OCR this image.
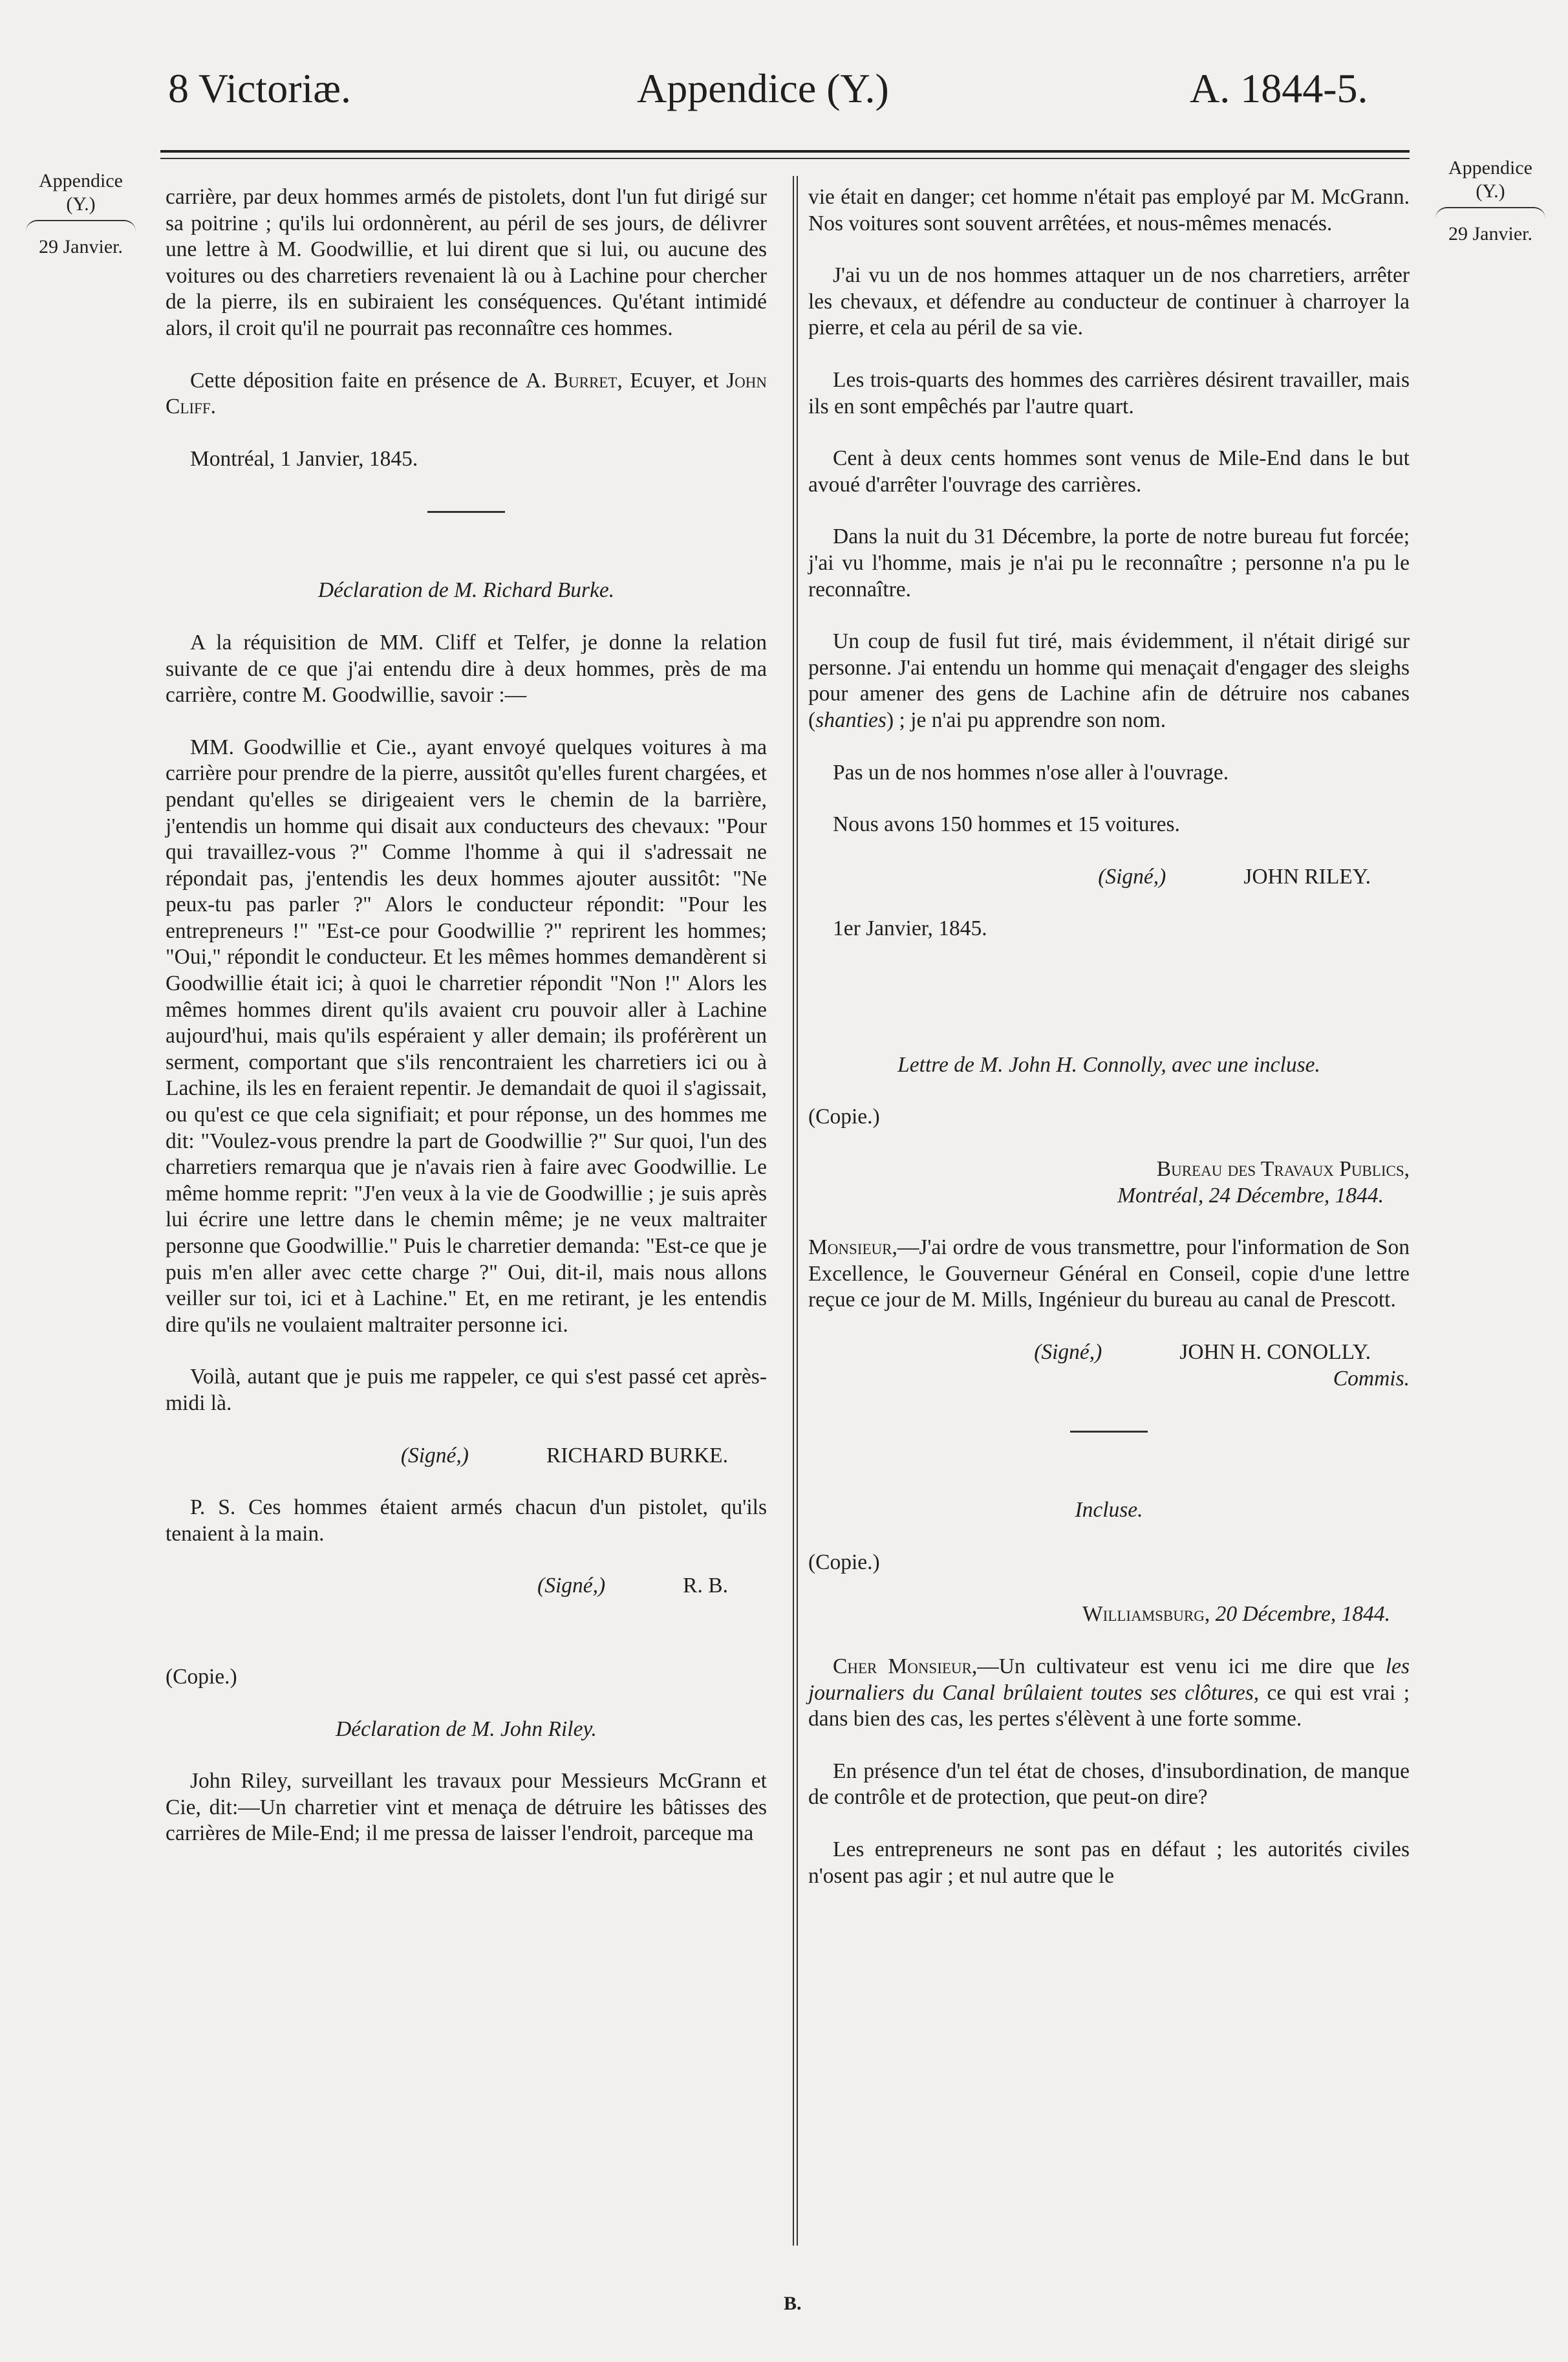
8 Victoriæ.	Appendice (Y.)	A. 1844-5.
Appendice
(Y.)
29 Janvier.
Appendice
(Y.)
29 Janvier.

carrière, par deux hommes armés de pistolets, dont l'un fut dirigé sur sa poitrine ; qu'ils lui ordonnèrent, au péril de ses jours, de délivrer une lettre à M. Goodwillie, et lui dirent que si lui, ou aucune des voitures ou des charretiers revenaient là ou à Lachine pour chercher de la pierre, ils en subiraient les conséquences. Qu'étant intimidé alors, il croit qu'il ne pourrait pas reconnaître ces hommes.

Cette déposition faite en présence de A. Burret, Ecuyer, et John Cliff.

Montréal, 1 Janvier, 1845.

Déclaration de M. Richard Burke.

A la réquisition de MM. Cliff et Telfer, je donne la relation suivante de ce que j'ai entendu dire à deux hommes, près de ma carrière, contre M. Goodwillie, savoir :—

MM. Goodwillie et Cie., ayant envoyé quelques voitures à ma carrière pour prendre de la pierre, aussitôt qu'elles furent chargées, et pendant qu'elles se dirigeaient vers le chemin de la barrière, j'entendis un homme qui disait aux conducteurs des chevaux: "Pour qui travaillez-vous ?" Comme l'homme à qui il s'adressait ne répondait pas, j'entendis les deux hommes ajouter aussitôt: "Ne peux-tu pas parler ?" Alors le conducteur répondit: "Pour les entrepreneurs !" "Est-ce pour Goodwillie ?" reprirent les hommes; "Oui," répondit le conducteur. Et les mêmes hommes demandèrent si Goodwillie était ici; à quoi le charretier répondit "Non !" Alors les mêmes hommes dirent qu'ils avaient cru pouvoir aller à Lachine aujourd'hui, mais qu'ils espéraient y aller demain; ils proférèrent un serment, comportant que s'ils rencontraient les charretiers ici ou à Lachine, ils les en feraient repentir. Je demandait de quoi il s'agissait, ou qu'est ce que cela signifiait; et pour réponse, un des hommes me dit: "Voulez-vous prendre la part de Goodwillie ?" Sur quoi, l'un des charretiers remarqua que je n'avais rien à faire avec Goodwillie. Le même homme reprit: "J'en veux à la vie de Goodwillie ; je suis après lui écrire une lettre dans le chemin même; je ne veux maltraiter personne que Goodwillie." Puis le charretier demanda: "Est-ce que je puis m'en aller avec cette charge ?" Oui, dit-il, mais nous allons veiller sur toi, ici et à Lachine." Et, en me retirant, je les entendis dire qu'ils ne voulaient maltraiter personne ici.

Voilà, autant que je puis me rappeler, ce qui s'est passé cet après-midi là.

(Signé,)	RICHARD BURKE.

P. S. Ces hommes étaient armés chacun d'un pistolet, qu'ils tenaient à la main.

(Signé,)	R. B.

(Copie.)

Déclaration de M. John Riley.

John Riley, surveillant les travaux pour Messieurs McGrann et Cie, dit:—Un charretier vint et menaça de détruire les bâtisses des carrières de Mile-End; il me pressa de laisser l'endroit, parceque ma

vie était en danger; cet homme n'était pas employé par M. McGrann. Nos voitures sont souvent arrêtées, et nous-mêmes menacés.

J'ai vu un de nos hommes attaquer un de nos charretiers, arrêter les chevaux, et défendre au conducteur de continuer à charroyer la pierre, et cela au péril de sa vie.

Les trois-quarts des hommes des carrières désirent travailler, mais ils en sont empêchés par l'autre quart.

Cent à deux cents hommes sont venus de Mile-End dans le but avoué d'arrêter l'ouvrage des carrières.

Dans la nuit du 31 Décembre, la porte de notre bureau fut forcée; j'ai vu l'homme, mais je n'ai pu le reconnaître ; personne n'a pu le reconnaître.

Un coup de fusil fut tiré, mais évidemment, il n'était dirigé sur personne. J'ai entendu un homme qui menaçait d'engager des sleighs pour amener des gens de Lachine afin de détruire nos cabanes (shanties) ; je n'ai pu apprendre son nom.

Pas un de nos hommes n'ose aller à l'ouvrage.

Nous avons 150 hommes et 15 voitures.

(Signé,)	JOHN RILEY.

1er Janvier, 1845.

Lettre de M. John H. Connolly, avec une incluse.

(Copie.)

Bureau des Travaux Publics,

Montréal, 24 Décembre, 1844.

Monsieur,—J'ai ordre de vous transmettre, pour l'information de Son Excellence, le Gouverneur Général en Conseil, copie d'une lettre reçue ce jour de M. Mills, Ingénieur du bureau au canal de Prescott.

(Signé,)	JOHN H. CONOLLY.

Commis.

Incluse.

(Copie.)

Williamsburg, 20 Décembre, 1844.

Cher Monsieur,—Un cultivateur est venu ici me dire que les journaliers du Canal brûlaient toutes ses clôtures, ce qui est vrai ; dans bien des cas, les pertes s'élèvent à une forte somme.

En présence d'un tel état de choses, d'insubordination, de manque de contrôle et de protection, que peut-on dire?

Les entrepreneurs ne sont pas en défaut ; les autorités civiles n'osent pas agir ; et nul autre que le

B.
